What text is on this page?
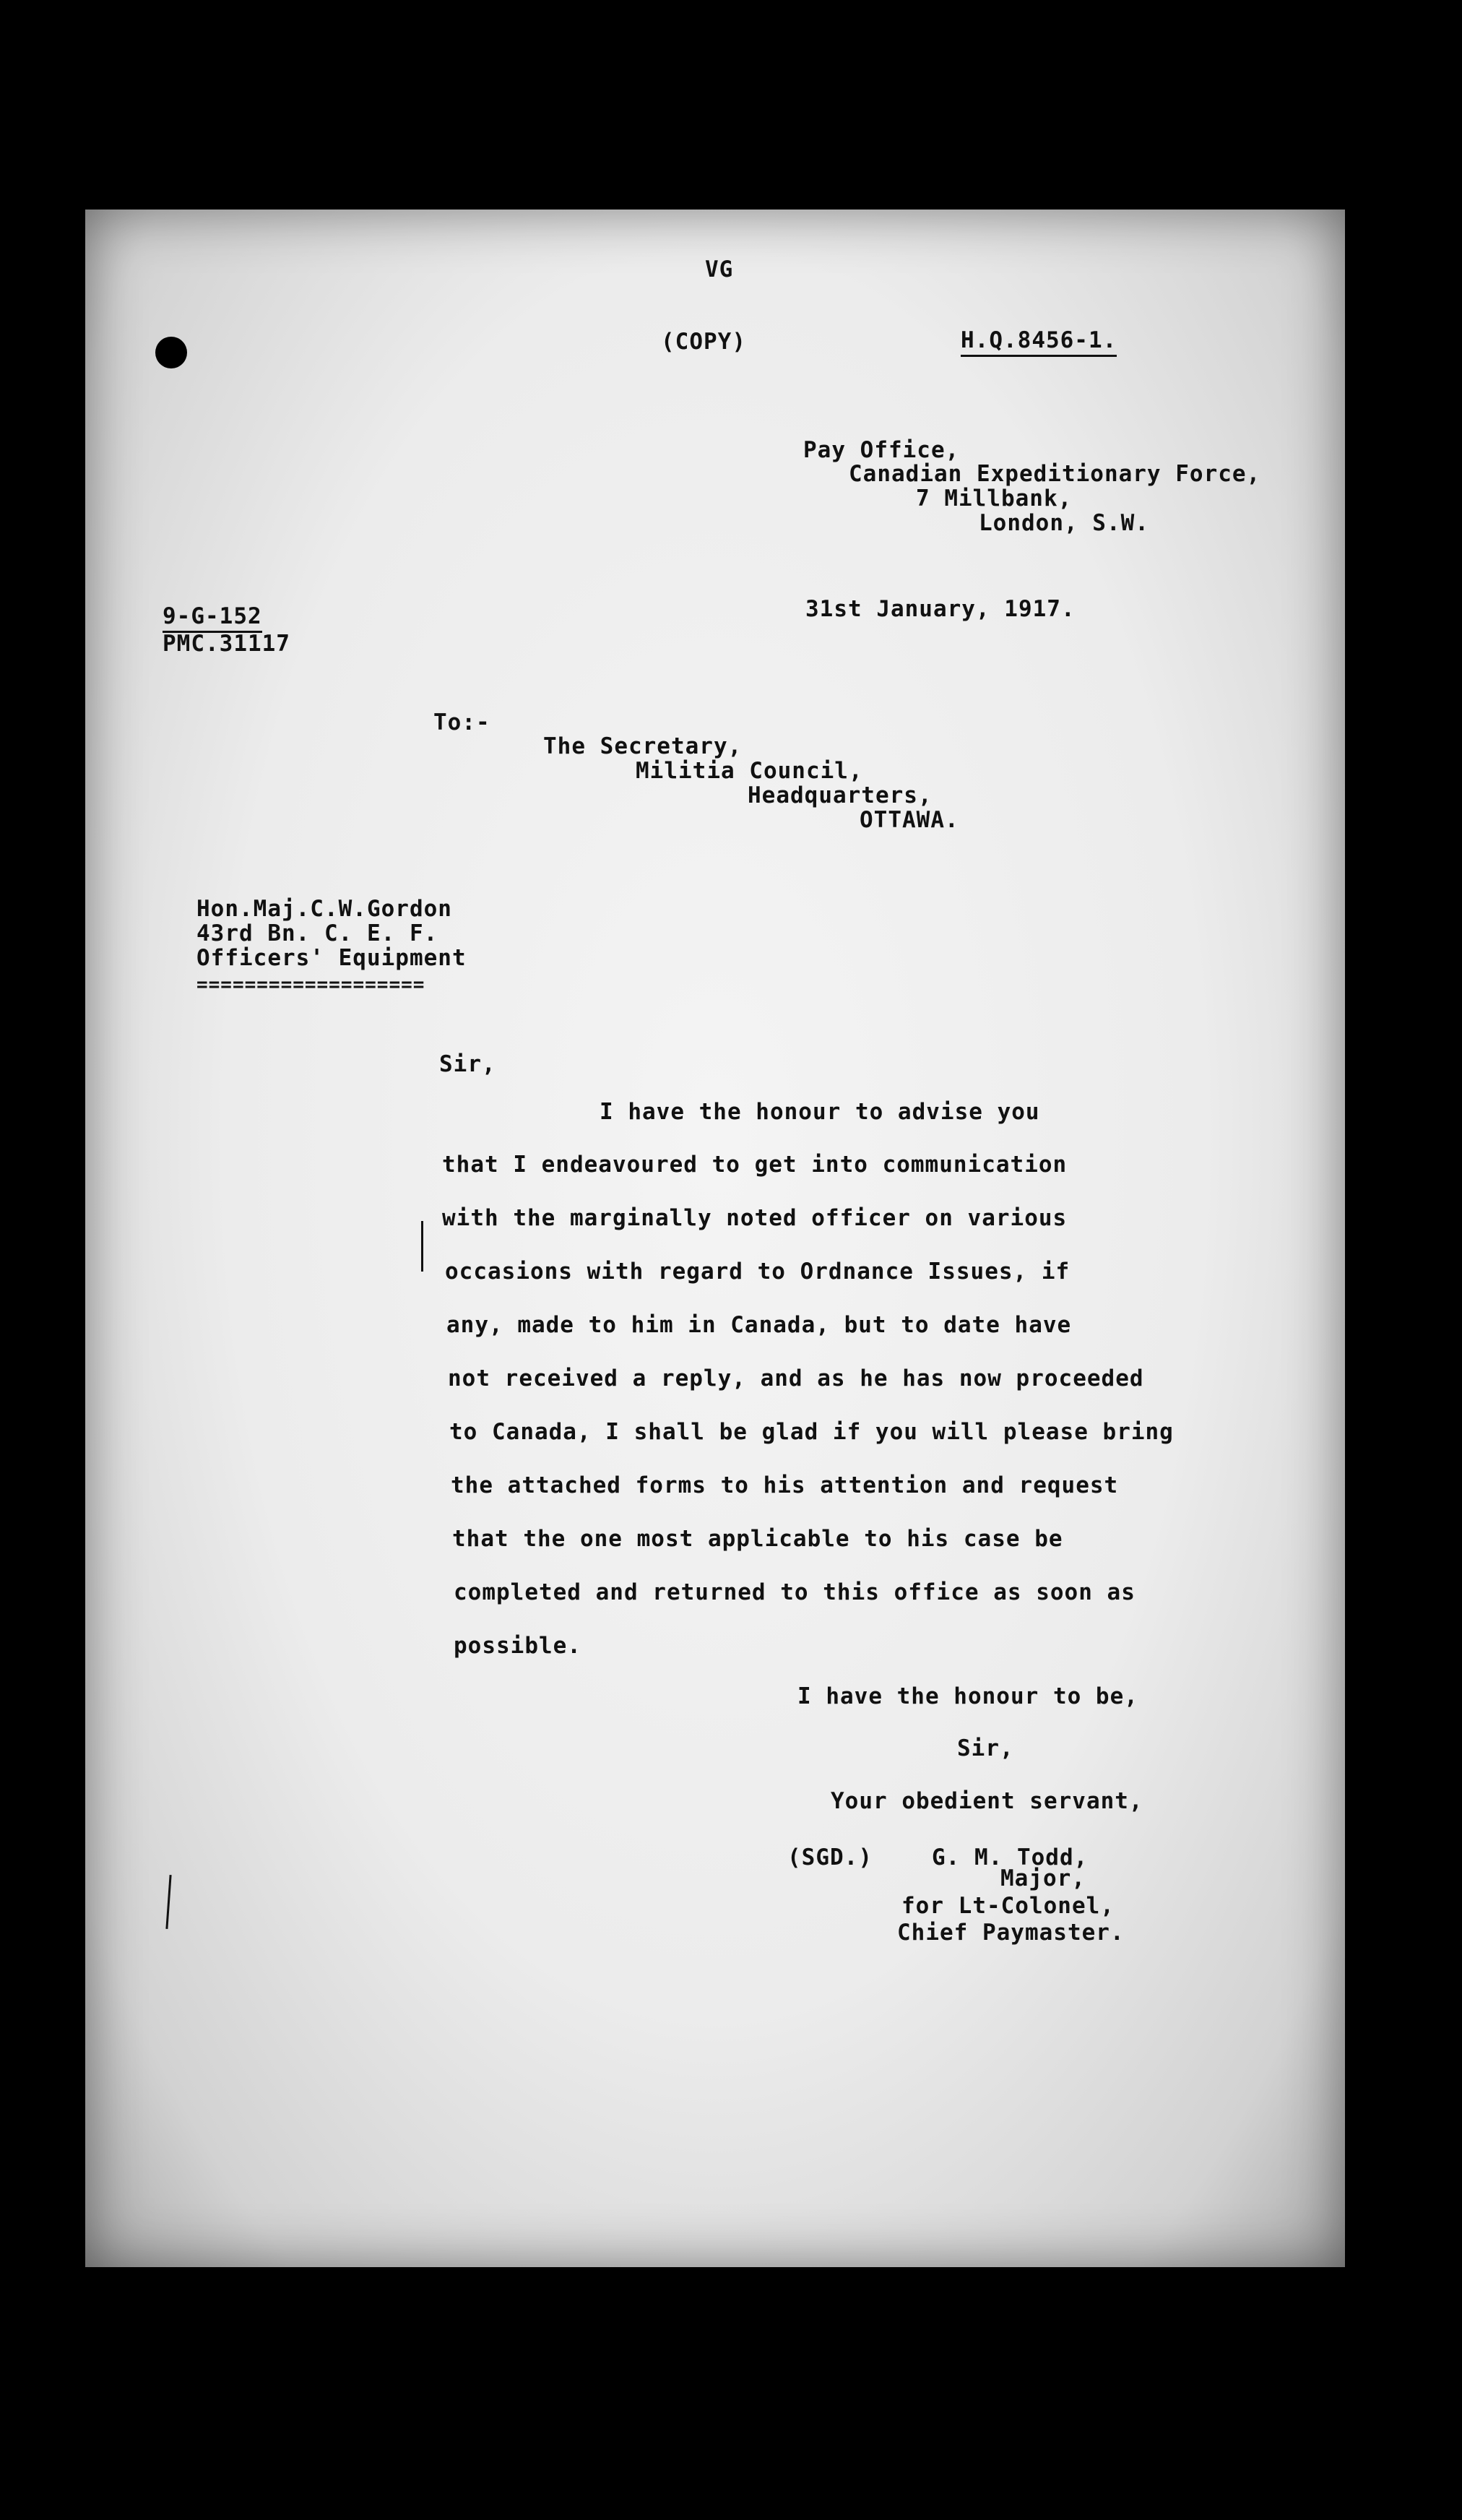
VG
(COPY)	H.Q.8456-1.
Pay Office,
Canadian Expeditionary Force,
7 Millbank,
London, S.W.
31st January, 1917.
9-G-152
PMC.31117
To:-
The Secretary,
Militia Council,
Headquarters,
OTTAWA.
Hon.Maj.C.W.Gordon
43rd Bn. C. E. F.
Officers' Equipment
===================
Sir,
I have the honour to advise you
that I endeavoured to get into communication
with the marginally noted officer on various
occasions with regard to Ordnance Issues, if
any, made to him in Canada, but to date have
not received a reply, and as he has now proceeded
to Canada, I shall be glad if you will please bring
the attached forms to his attention and request
that the one most applicable to his case be
completed and returned to this office as soon as
possible.
I have the honour to be,
Sir,
Your obedient servant,
(SGD.)	G. M. Todd,
Major,
for Lt-Colonel,
Chief Paymaster.
